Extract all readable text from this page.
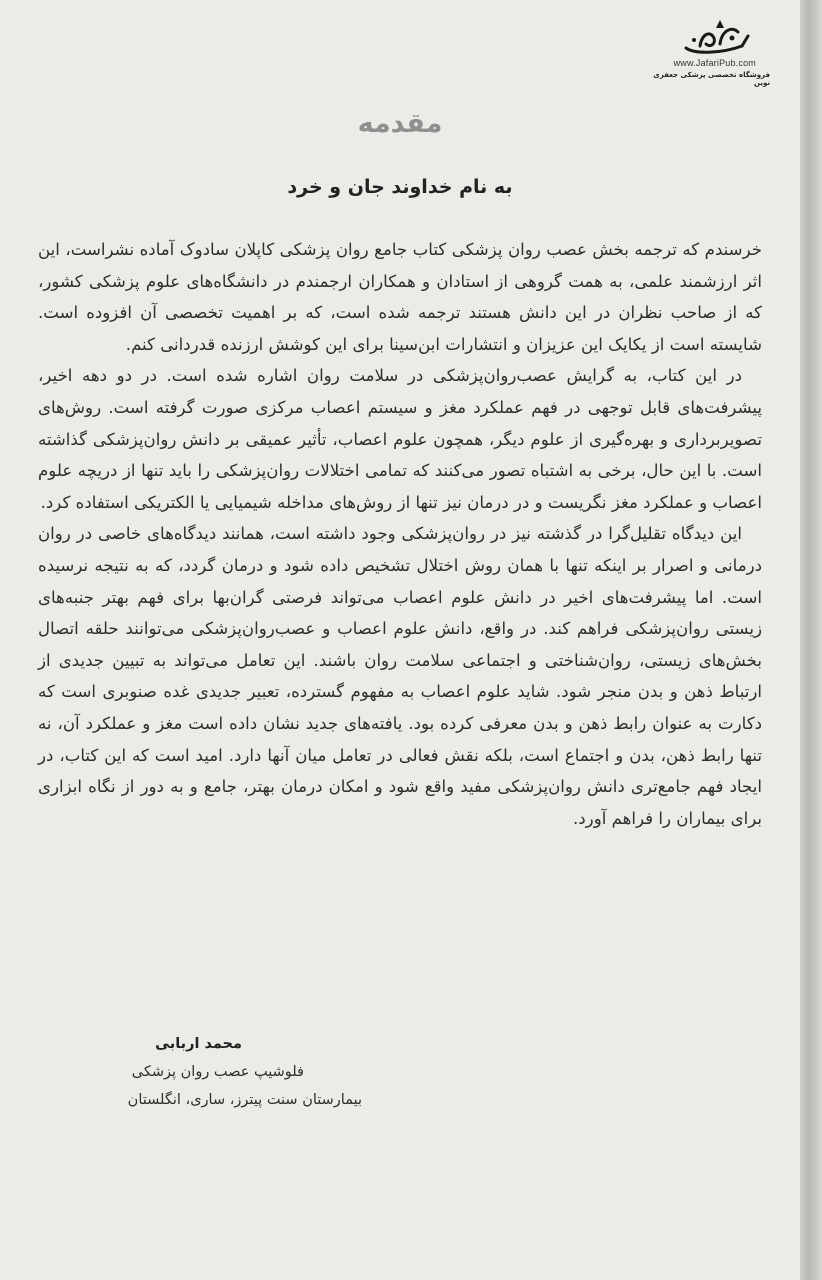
www.JafariPub.com
فروشگاه تخصصی پزشکی جعفری نوین
مقدمه
به نام خداوند جان و خرد

خرسندم که ترجمه بخش عصب روان پزشکی کتاب جامع روان پزشکی کاپلان سادوک آماده نشراست، این اثر ارزشمند علمی، به همت گروهی از استادان و همکاران ارجمندم در دانشگاه‌های علوم پزشکی کشور، که از صاحب نظران در این دانش هستند ترجمه شده است، که بر اهمیت تخصصی آن افزوده است. شایسته است از یکایک این عزیزان و انتشارات ابن‌سینا برای این کوشش ارزنده قدردانی کنم.

در این کتاب، به گرایش عصب‌روان‌پزشکی در سلامت روان اشاره شده است. در دو دهه اخیر، پیشرفت‌های قابل توجهی در فهم عملکرد مغز و سیستم اعصاب مرکزی صورت گرفته است. روش‌های تصویربرداری و بهره‌گیری از علوم دیگر، همچون علوم اعصاب، تأثیر عمیقی بر دانش روان‌پزشکی گذاشته است. با این حال، برخی به اشتباه تصور می‌کنند که تمامی اختلالات روان‌پزشکی را باید تنها از دریچه علوم اعصاب و عملکرد مغز نگریست و در درمان نیز تنها از روش‌های مداخله شیمیایی یا الکتریکی استفاده کرد.

این دیدگاه تقلیل‌گرا در گذشته نیز در روان‌پزشکی وجود داشته است، همانند دیدگاه‌های خاصی در روان درمانی و اصرار بر اینکه تنها با همان روش اختلال تشخیص داده شود و درمان گردد، که به نتیجه نرسیده است. اما پیشرفت‌های اخیر در دانش علوم اعصاب می‌تواند فرصتی گران‌بها برای فهم بهتر جنبه‌های زیستی روان‌پزشکی فراهم کند. در واقع، دانش علوم اعصاب و عصب‌روان‌پزشکی می‌توانند حلقه اتصال بخش‌های زیستی، روان‌شناختی و اجتماعی سلامت روان باشند. این تعامل می‌تواند به تبیین جدیدی از ارتباط ذهن و بدن منجر شود. شاید علوم اعصاب به مفهوم گسترده، تعبیر جدیدی غده صنوبری است که دکارت به عنوان رابط ذهن و بدن معرفی کرده بود. یافته‌های جدید نشان داده است مغز و عملکرد آن، نه تنها رابط ذهن، بدن و اجتماع است، بلکه نقش فعالی در تعامل میان آنها دارد. امید است که این کتاب، در ایجاد فهم جامع‌تری دانش روان‌پزشکی مفید واقع شود و امکان درمان بهتر، جامع و به دور از نگاه ابزاری برای بیماران را فراهم آورد.

محمد اربابی
فلوشیپ عصب روان پزشکی
بیمارستان سنت پیترز، ساری، انگلستان
